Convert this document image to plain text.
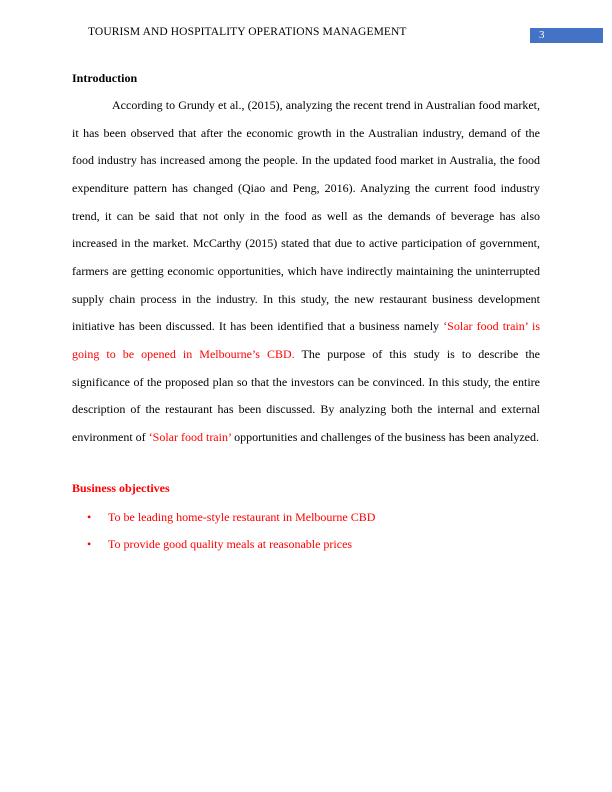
TOURISM AND HOSPITALITY OPERATIONS MANAGEMENT	3
Introduction

According to Grundy et al., (2015), analyzing the recent trend in Australian food market, it has been observed that after the economic growth in the Australian industry, demand of the food industry has increased among the people. In the updated food market in Australia, the food expenditure pattern has changed (Qiao and Peng, 2016). Analyzing the current food industry trend, it can be said that not only in the food as well as the demands of beverage has also increased in the market. McCarthy (2015) stated that due to active participation of government, farmers are getting economic opportunities, which have indirectly maintaining the uninterrupted supply chain process in the industry. In this study, the new restaurant business development initiative has been discussed. It has been identified that a business namely ‘Solar food train’ is going to be opened in Melbourne’s CBD. The purpose of this study is to describe the significance of the proposed plan so that the investors can be convinced. In this study, the entire description of the restaurant has been discussed. By analyzing both the internal and external environment of ‘Solar food train’ opportunities and challenges of the business has been analyzed.

Business objectives
• To be leading home-style restaurant in Melbourne CBD
• To provide good quality meals at reasonable prices
